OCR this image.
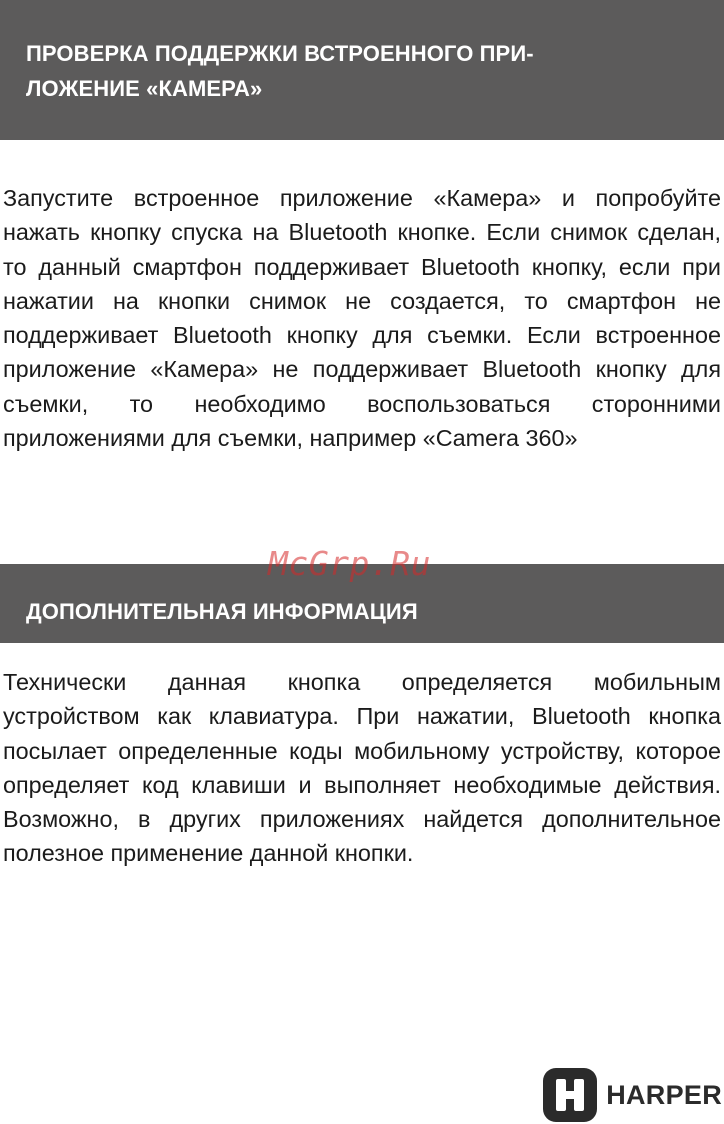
ПРОВЕРКА ПОДДЕРЖКИ ВСТРОЕННОГО ПРИ-
ЛОЖЕНИЕ «КАМЕРА»

Запустите встроенное приложение «Камера» и попробуйте нажать кнопку спуска на Bluetooth кнопке. Если снимок сделан, то данный смартфон поддерживает Bluetooth кнопку, если при нажатии на кнопки снимок не создается, то смартфон не поддерживает Bluetooth кнопку для съемки. Если встроенное приложение «Камера» не поддерживает Bluetooth кнопку для съемки, то необходимо воспользоваться сторонними приложениями для съемки, например «Camera 360»

ДОПОЛНИТЕЛЬНАЯ ИНФОРМАЦИЯ
McGrp.Ru

Технически данная кнопка определяется мобильным устройством как клавиатура. При нажатии, Bluetooth кнопка посылает определенные коды мобильному устройству, которое определяет код клавиши и выполняет необходимые действия. Возможно, в других приложениях найдется дополнительное полезное применение данной кнопки.

HARPER
